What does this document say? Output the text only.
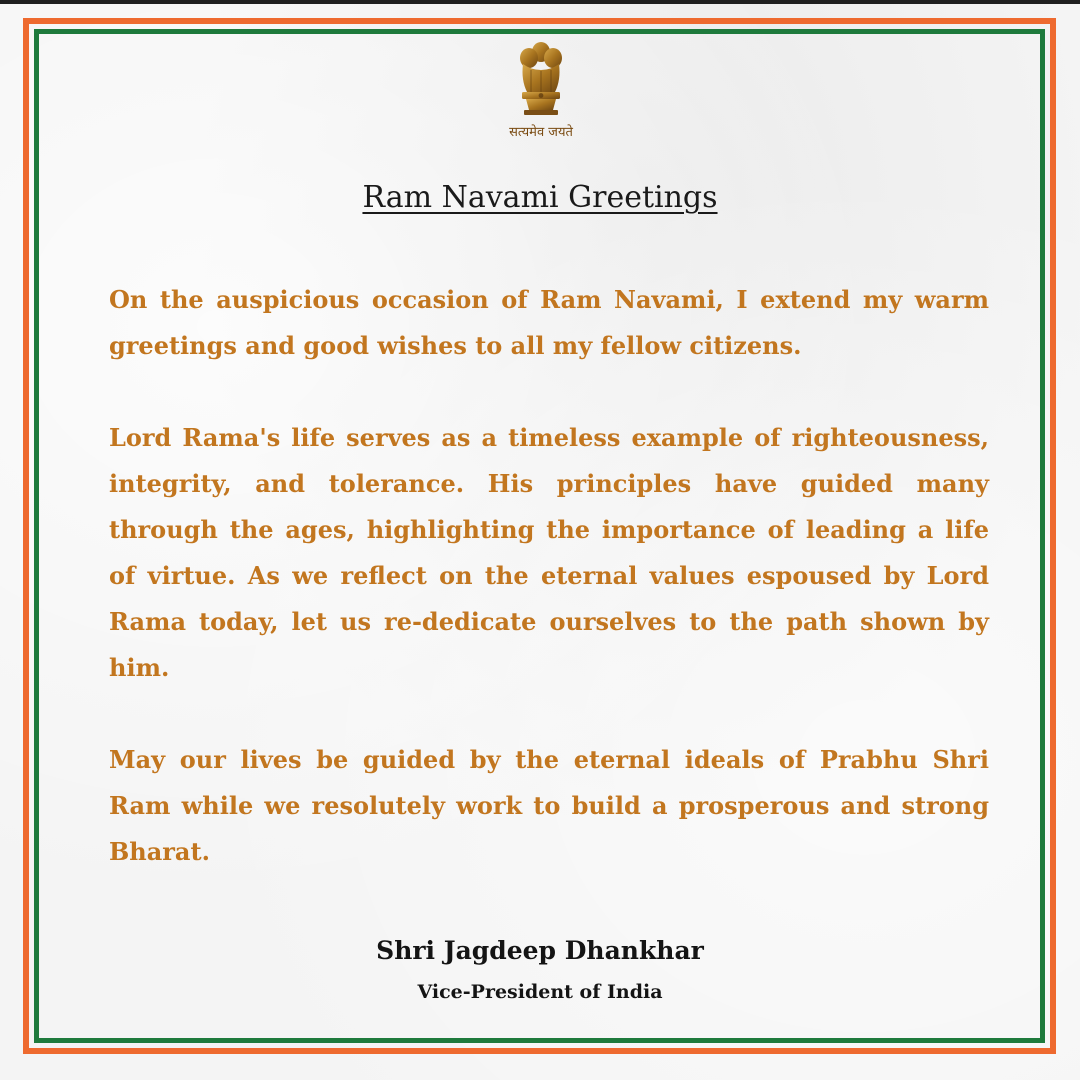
सत्यमेव जयते
Ram Navami Greetings

On the auspicious occasion of Ram Navami, I extend my warm greetings and good wishes to all my fellow citizens.

Lord Rama's life serves as a timeless example of righteousness, integrity, and tolerance. His principles have guided many through the ages, highlighting the importance of leading a life of virtue. As we reflect on the eternal values espoused by Lord Rama today, let us re-dedicate ourselves to the path shown by him.

May our lives be guided by the eternal ideals of Prabhu Shri Ram while we resolutely work to build a prosperous and strong Bharat.

Shri Jagdeep Dhankhar
Vice-President of India
